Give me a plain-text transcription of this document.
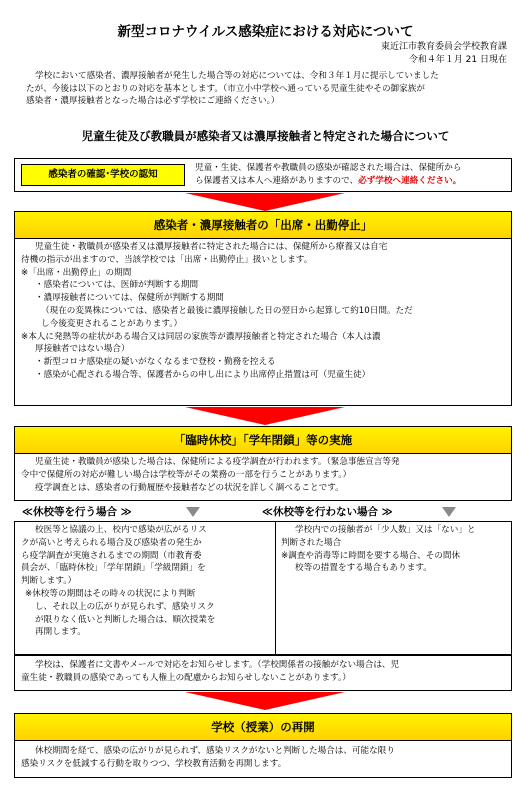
新型コロナウイルス感染症における対応について
東近江市教育委員会学校教育課
令和４年１月 21 日現在
学校において感染者、濃厚接触者が発生した場合等の対応については、令和３年１月に提示していました
たが、今後は以下のとおりの対応を基本とします。（市立小中学校へ通っている児童生徒やその御家族が
感染者・濃厚接触者となった場合は必ず学校にご連絡ください。）
児童生徒及び教職員が感染者又は濃厚接触者と特定された場合について
感染者の確認･学校の認知
児童・生徒、保護者や教職員の感染が確認された場合は、保健所から
ら保護者又は本人へ連絡がありますので、必ず学校へ連絡ください。
感染者・濃厚接触者の「出席・出勤停止」
児童生徒・教職員が感染者又は濃厚接触者に特定された場合には、保健所から療養又は自宅
待機の指示が出ますので、当該学校では「出席・出勤停止」扱いとします。
※「出席・出勤停止」の期間
・感染者については、医師が判断する期間
・濃厚接触者については、保健所が判断する期間
（現在の変異株については、感染者と最後に濃厚接触した日の翌日から起算して約10日間。ただ
し今後変更されることがあります。）
※本人に発熱等の症状がある場合又は同居の家族等が濃厚接触者と特定された場合（本人は濃
厚接触者ではない場合）
・新型コロナ感染症の疑いがなくなるまで登校・勤務を控える
・感染が心配される場合等、保護者からの申し出により出席停止措置は可（児童生徒）
「臨時休校」「学年閉鎖」等の実施
児童生徒・教職員が感染した場合は、保健所による疫学調査が行われます。（緊急事態宣言等発
令中で保健所の対応が難しい場合は学校等がその業務の一部を行うことがあります。）
疫学調査とは、感染者の行動履歴や接触者などの状況を詳しく調べることです。
≪休校等を行う場合 ≫	≪休校等を行わない場合 ≫
校医等と協議の上、校内で感染が広がるリス
クが高いと考えられる場合及び感染者の発生か
ら疫学調査が実施されるまでの期間（市教育委
員会が、「臨時休校」「学年閉鎖」「学級閉鎖」を
判断します。）
※休校等の期間はその時々の状況により判断
し、それ以上の広がりが見られず、感染リスク
が限りなく低いと判断した場合は、順次授業を
再開します。
学校内での接触者が「少人数」又は「ない」と
判断された場合
※調査や消毒等に時間を要する場合、その間休
校等の措置をする場合もあります。
学校は、保護者に文書やメールで対応をお知らせします。（学校関係者の接触がない場合は、児
童生徒・教職員の感染であっても人権上の配慮からお知らせしないことがあります。）
学校（授業）の再開
休校期間を経て、感染の広がりが見られず、感染リスクがないと判断した場合は、可能な限り
感染リスクを低減する行動を取りつつ、学校教育活動を再開します。
